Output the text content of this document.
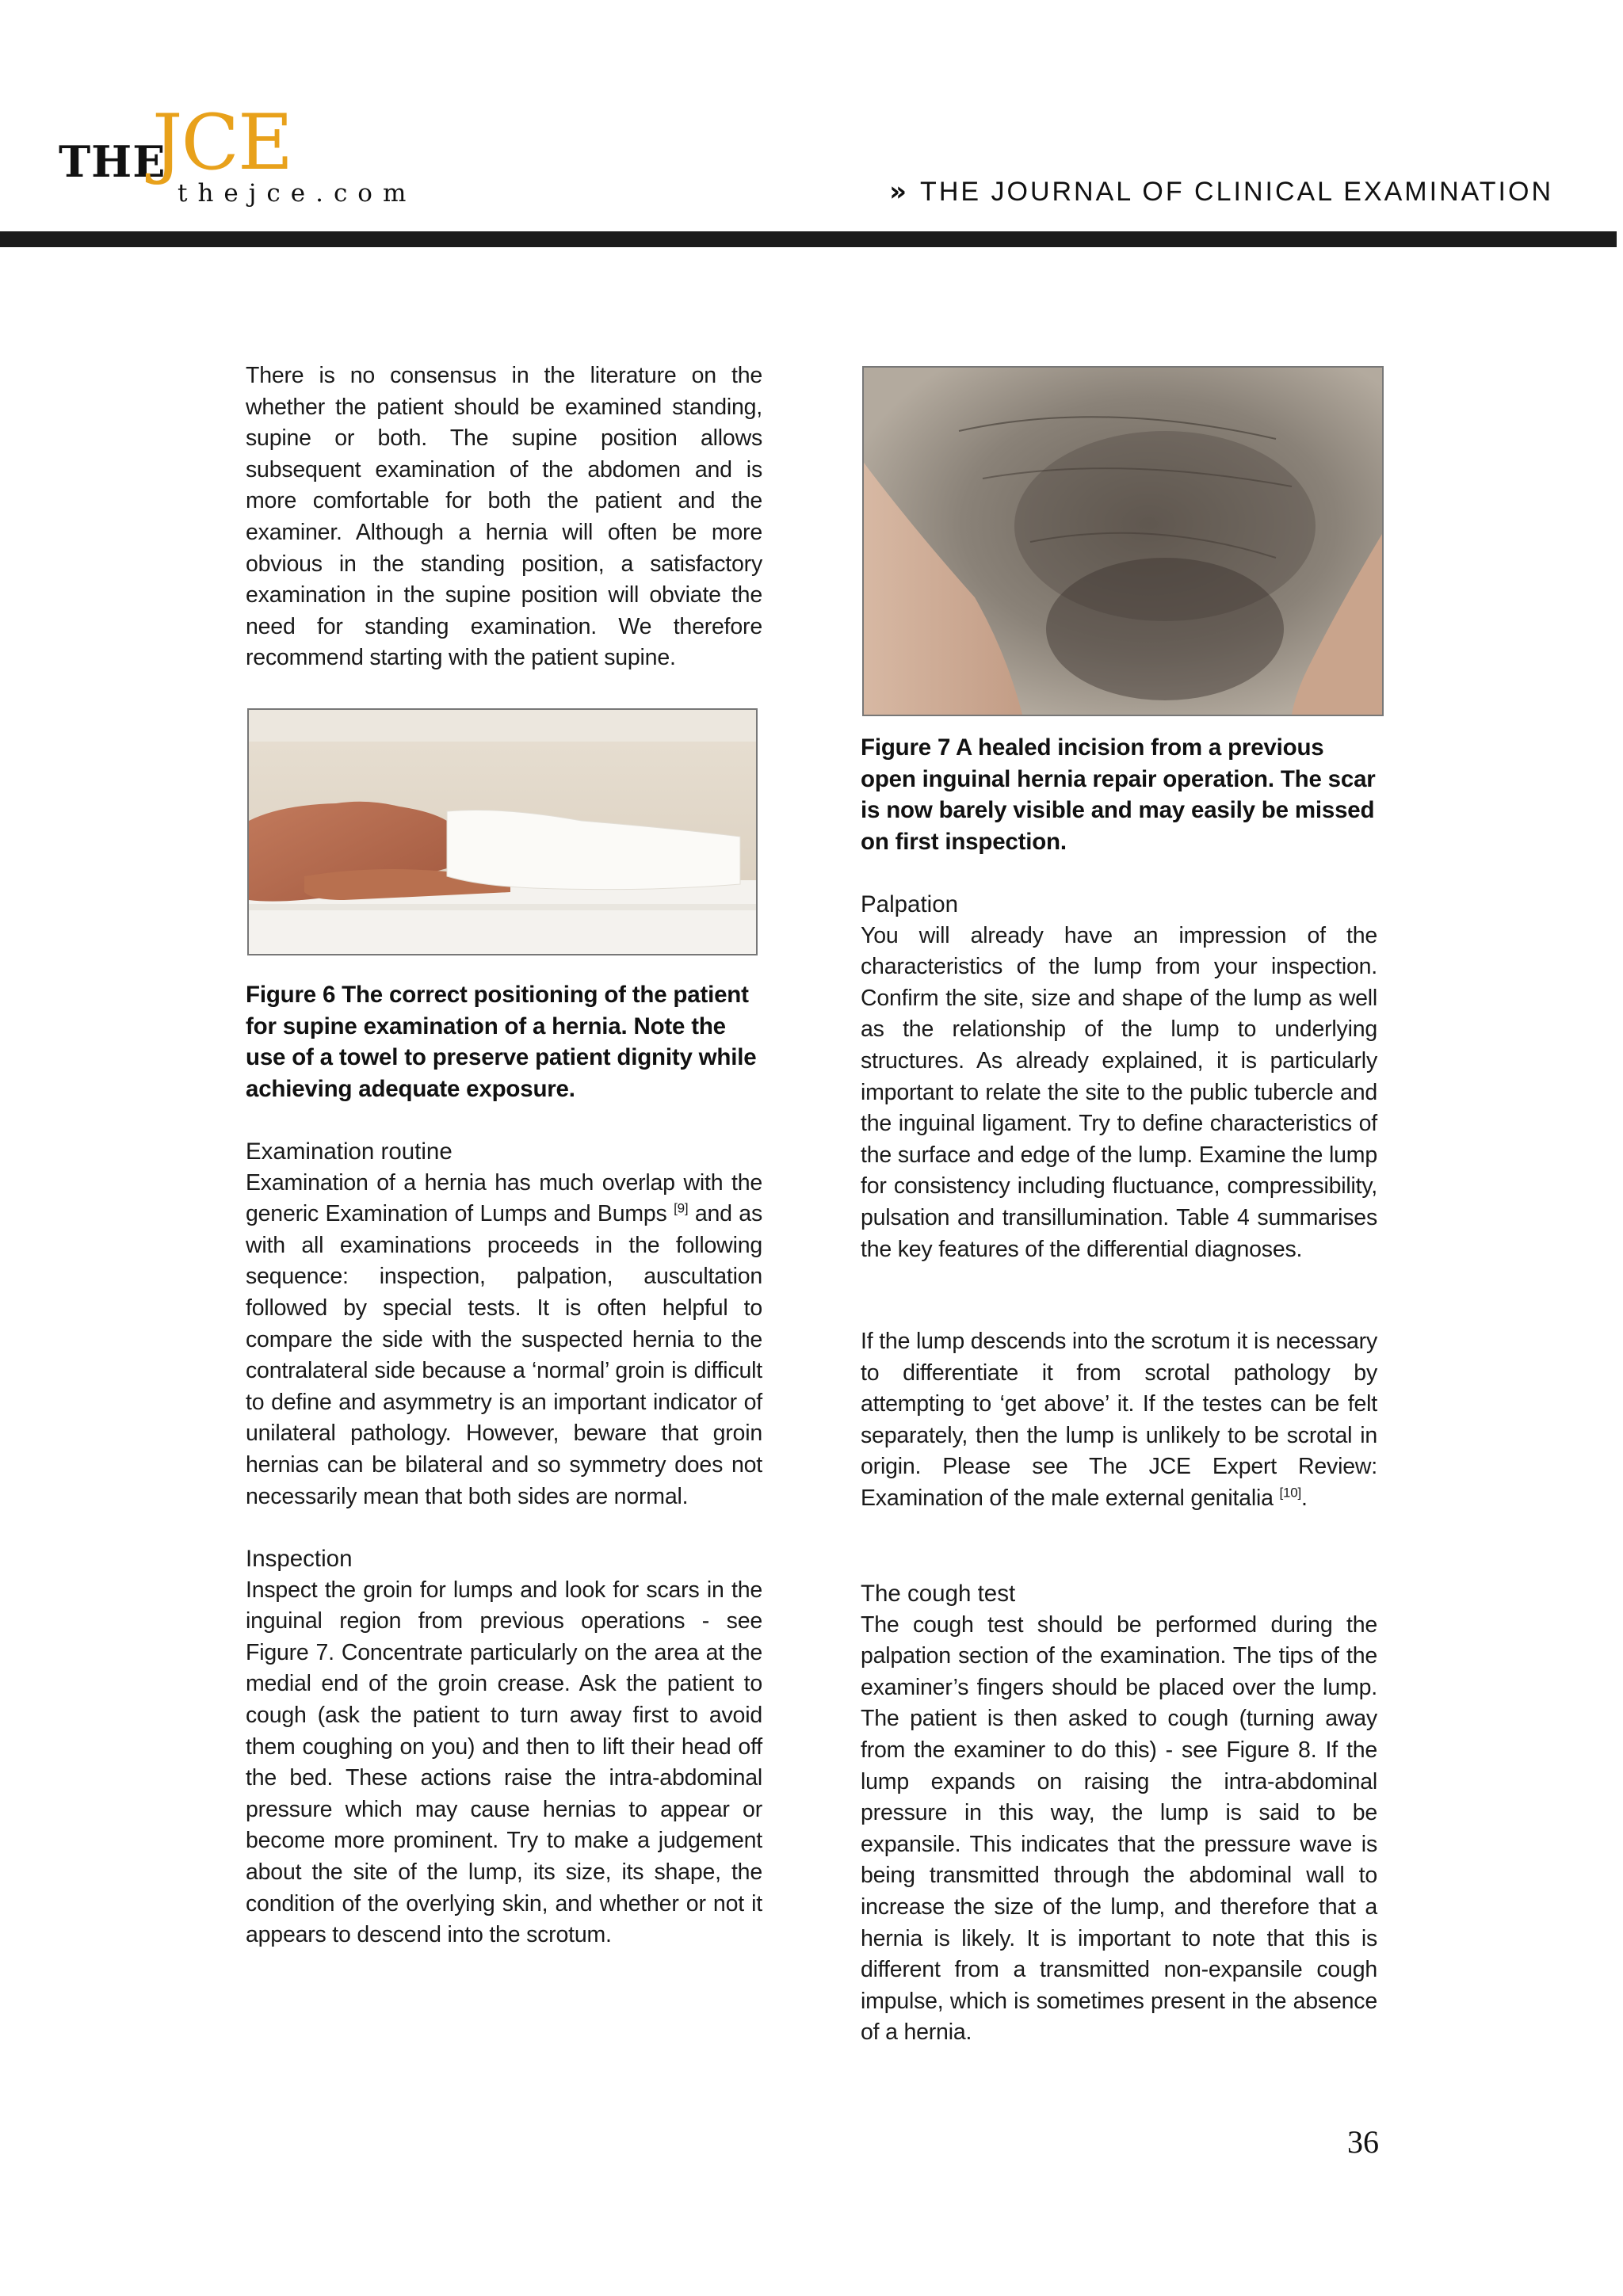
THE
JCE
thejce.com	» THE JOURNAL OF CLINICAL EXAMINATION

There is no consensus in the literature on the whether the patient should be examined standing, supine or both. The supine position allows subsequent examination of the abdomen and is more comfortable for both the patient and the examiner. Although a hernia will often be more obvious in the standing position, a satisfactory examination in the supine position will obviate the need for standing examination. We therefore recommend starting with the patient supine.

Figure 6 The correct positioning of the patient for supine examination of a hernia. Note the use of a towel to preserve patient dignity while achieving adequate exposure.

Examination routine

Examination of a hernia has much overlap with the generic Examination of Lumps and Bumps [9] and as with all examinations proceeds in the following sequence: inspection, palpation, auscultation followed by special tests. It is often helpful to compare the side with the suspected hernia to the contralateral side because a ‘normal’ groin is difficult to define and asymmetry is an important indicator of unilateral pathology. However, beware that groin hernias can be bilateral and so symmetry does not necessarily mean that both sides are normal.

Inspection

Inspect the groin for lumps and look for scars in the inguinal region from previous operations - see Figure 7. Concentrate particularly on the area at the medial end of the groin crease. Ask the patient to cough (ask the patient to turn away first to avoid them coughing on you) and then to lift their head off the bed. These actions raise the intra-abdominal pressure which may cause hernias to appear or become more prominent. Try to make a judgement about the site of the lump, its size, its shape, the condition of the overlying skin, and whether or not it appears to descend into the scrotum.

Figure 7 A healed incision from a previous open inguinal hernia repair operation. The scar is now barely visible and may easily be missed on first inspection.

Palpation

You will already have an impression of the characteristics of the lump from your inspection. Confirm the site, size and shape of the lump as well as the relationship of the lump to underlying structures. As already explained, it is particularly important to relate the site to the public tubercle and the inguinal ligament. Try to define characteristics of the surface and edge of the lump. Examine the lump for consistency including fluctuance, compressibility, pulsation and transillumination. Table 4 summarises the key features of the differential diagnoses.

If the lump descends into the scrotum it is necessary to differentiate it from scrotal pathology by attempting to ‘get above’ it. If the testes can be felt separately, then the lump is unlikely to be scrotal in origin. Please see The JCE Expert Review: Examination of the male external genitalia [10].

The cough test

The cough test should be performed during the palpation section of the examination. The tips of the examiner’s fingers should be placed over the lump. The patient is then asked to cough (turning away from the examiner to do this) - see Figure 8. If the lump expands on raising the intra-abdominal pressure in this way, the lump is said to be expansile. This indicates that the pressure wave is being transmitted through the abdominal wall to increase the size of the lump, and therefore that a hernia is likely. It is important to note that this is different from a transmitted non-expansile cough impulse, which is sometimes present in the absence of a hernia.

36
